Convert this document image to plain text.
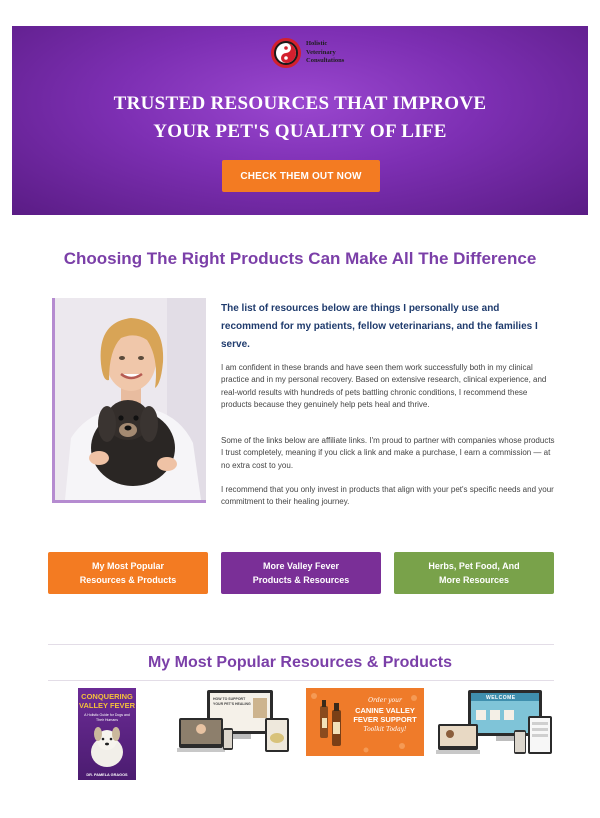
Holistic
Veterinary
Consultations
TRUSTED RESOURCES THAT IMPROVE
YOUR PET'S QUALITY OF LIFE
CHECK THEM OUT NOW
Choosing The Right Products Can Make All The Difference
The list of resources below are things I personally use and recommend for my patients, fellow veterinarians, and the families I serve.
I am confident in these brands and have seen them work successfully both in my clinical practice and in my personal recovery. Based on extensive research, clinical experience, and real-world results with hundreds of pets battling chronic conditions, I recommend these products because they genuinely help pets heal and thrive.
Some of the links below are affiliate links. I'm proud to partner with companies whose products I trust completely, meaning if you click a link and make a purchase, I earn a commission — at no extra cost to you.
I recommend that you only invest in products that align with your pet's specific needs and your commitment to their healing journey.
My Most Popular
Resources & Products
More Valley Fever
Products & Resources
Herbs, Pet Food, And
More Resources
My Most Popular Resources & Products
CONQUERING
VALLEY FEVER
A Holistic Guide for Dogs and Their Humans
DR. PAMELA GRAGOS
HOW TO SUPPORT YOUR PET'S HEALING	Order your
CANINE VALLEY
FEVER SUPPORT
Toolkit Today!
WELCOME
